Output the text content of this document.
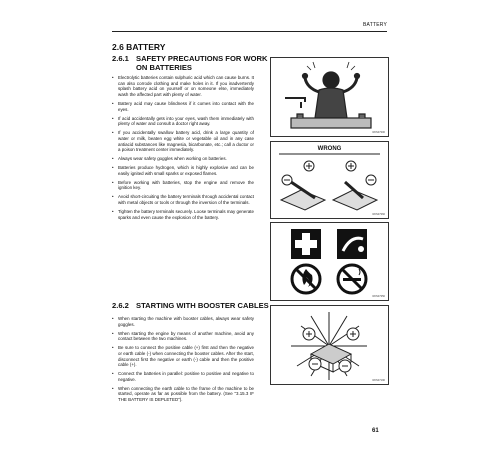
BATTERY
2.6 BATTERY
2.6.1 SAFETY PRECAUTIONS FOR WORK
ON BATTERIES
• Electrolytic batteries contain sulphuric acid which can cause burns. It can also corrode clothing and make holes in it. If you inadvertently splash battery acid on yourself or on someone else, immediately wash the affected part with plenty of water.
• Battery acid may cause blindness if it comes into contact with the eyes.
• If acid accidentally gets into your eyes, wash them immediately with plenty of water and consult a doctor right away.
• If you accidentally swallow battery acid, drink a large quantity of water or milk, beaten egg white or vegetable oil and in any case antiacid substances like magnesia, bicarbonate, etc.; call a doctor or a poison treatment center immediately.
• Always wear safety goggles when working on batteries.
• Batteries produce hydrogen, which is highly explosive and can be easily ignited with small sparks or exposed flames.
• Before working with batteries, stop the engine and remove the ignition key.
• Avoid short-circuiting the battery terminals through accidental contact with metal objects or tools or through the inversion of the terminals.
• Tighten the battery terminals securely. Loose terminals may generate sparks and even cause the explosion of the battery.
2.6.2 STARTING WITH BOOSTER CABLES
• When starting the machine with booster cables, always wear safety goggles.
• When starting the engine by means of another machine, avoid any contact between the two machines.
• Be sure to connect the positive cable (+) first and then the negative or earth cable (-) when connecting the booster cables. After the start, disconnect first the negative or earth (-) cable and then the positive cable (+).
• Connect the batteries in parallel: positive to positive and negative to negative.
• When connecting the earth cable to the frame of the machine to be started, operate as far as possible from the battery. (See "3.15.3 IF THE BATTERY IS DEPLETED").
RKS07300
WRONG
RKS07360
RKS07350
RKS07190
61
